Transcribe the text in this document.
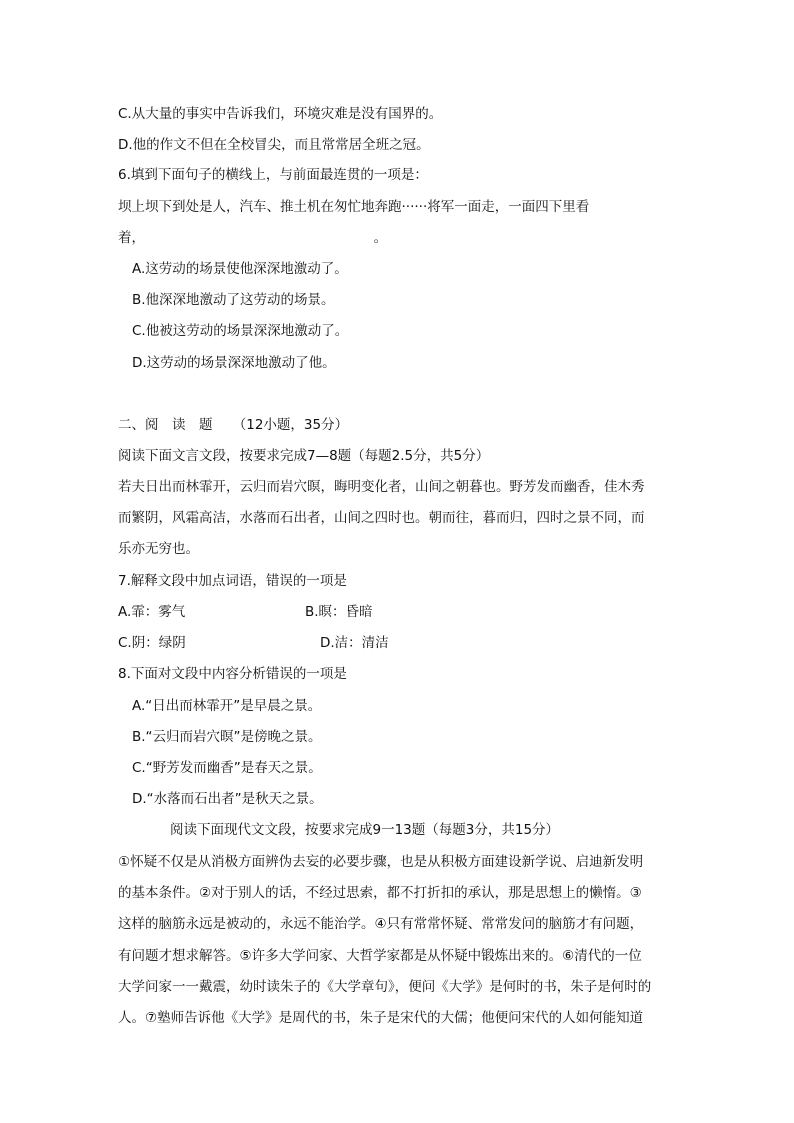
C.从大量的事实中告诉我们，环境灾难是没有国界的。
D.他的作文不但在全校冒尖，而且常常居全班之冠。
6.填到下面句子的横线上，与前面最连贯的一项是：
坝上坝下到处是人，汽车、推土机在匆忙地奔跑······将军一面走，一面四下里看
着，	。
A.这劳动的场景使他深深地激动了。
B.他深深地激动了这劳动的场景。
C.他被这劳动的场景深深地激动了。
D.这劳动的场景深深地激动了他。
二、阅　读　题　　（12小题，35分）
阅读下面文言文段，按要求完成7—8题（每题2.5分，共5分）
若夫日出而林霏开，云归而岩穴暝，晦明变化者，山间之朝暮也。野芳发而幽香，佳木秀
而繁阴，风霜高洁，水落而石出者，山间之四时也。朝而往，暮而归，四时之景不同，而
乐亦无穷也。
7.解释文段中加点词语，错误的一项是
A.霏：雾气	B.暝：昏暗
C.阴：绿阴	D.洁：清洁
8.下面对文段中内容分析错误的一项是
A.“日出而林霏开”是早晨之景。
B.“云归而岩穴暝”是傍晚之景。
C.“野芳发而幽香”是春天之景。
D.“水落而石出者”是秋天之景。
阅读下面现代文文段，按要求完成9一13题（每题3分，共15分）
①怀疑不仅是从消极方面辨伪去妄的必要步骤，也是从积极方面建设新学说、启迪新发明
的基本条件。②对于别人的话，不经过思索，都不打折扣的承认，那是思想上的懒惰。③
这样的脑筋永远是被动的，永远不能治学。④只有常常怀疑、常常发问的脑筋才有问题，
有问题才想求解答。⑤许多大学问家、大哲学家都是从怀疑中锻炼出来的。⑥清代的一位
大学问家一一戴震，幼时读朱子的《大学章句》，便问《大学》是何时的书，朱子是何时的
人。⑦塾师告诉他《大学》是周代的书，朱子是宋代的大儒；他便问宋代的人如何能知道
